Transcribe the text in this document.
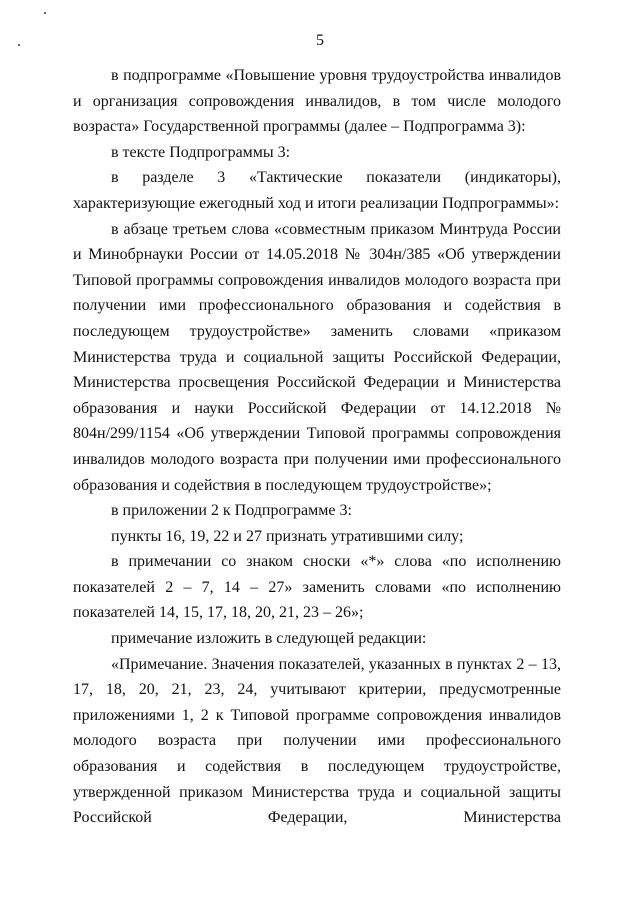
5

в подпрограмме «Повышение уровня трудоустройства инвалидов и организация сопровождения инвалидов, в том числе молодого возраста» Государственной программы (далее – Подпрограмма 3):

в тексте Подпрограммы 3:

в разделе 3 «Тактические показатели (индикаторы), характеризующие ежегодный ход и итоги реализации Подпрограммы»:

в абзаце третьем слова «совместным приказом Минтруда России и Минобрнауки России от 14.05.2018 № 304н/385 «Об утверждении Типовой программы сопровождения инвалидов молодого возраста при получении ими профессионального образования и содействия в последующем трудоустройстве» заменить словами «приказом Министерства труда и социальной защиты Российской Федерации, Министерства просвещения Российской Федерации и Министерства образования и науки Российской Федерации от 14.12.2018 № 804н/299/1154 «Об утверждении Типовой программы сопровождения инвалидов молодого возраста при получении ими профессионального образования и содействия в последующем трудоустройстве»;

в приложении 2 к Подпрограмме 3:

пункты 16, 19, 22 и 27 признать утратившими силу;

в примечании со знаком сноски «*» слова «по исполнению показателей 2 – 7, 14 – 27» заменить словами «по исполнению показателей 14, 15, 17, 18, 20, 21, 23 – 26»;

примечание изложить в следующей редакции:

«Примечание. Значения показателей, указанных в пунктах 2 – 13, 17, 18, 20, 21, 23, 24, учитывают критерии, предусмотренные приложениями 1, 2 к Типовой программе сопровождения инвалидов молодого возраста при получении ими профессионального образования и содействия в последующем трудоустройстве, утвержденной приказом Министерства труда и социальной защиты Российской Федерации, Министерства
